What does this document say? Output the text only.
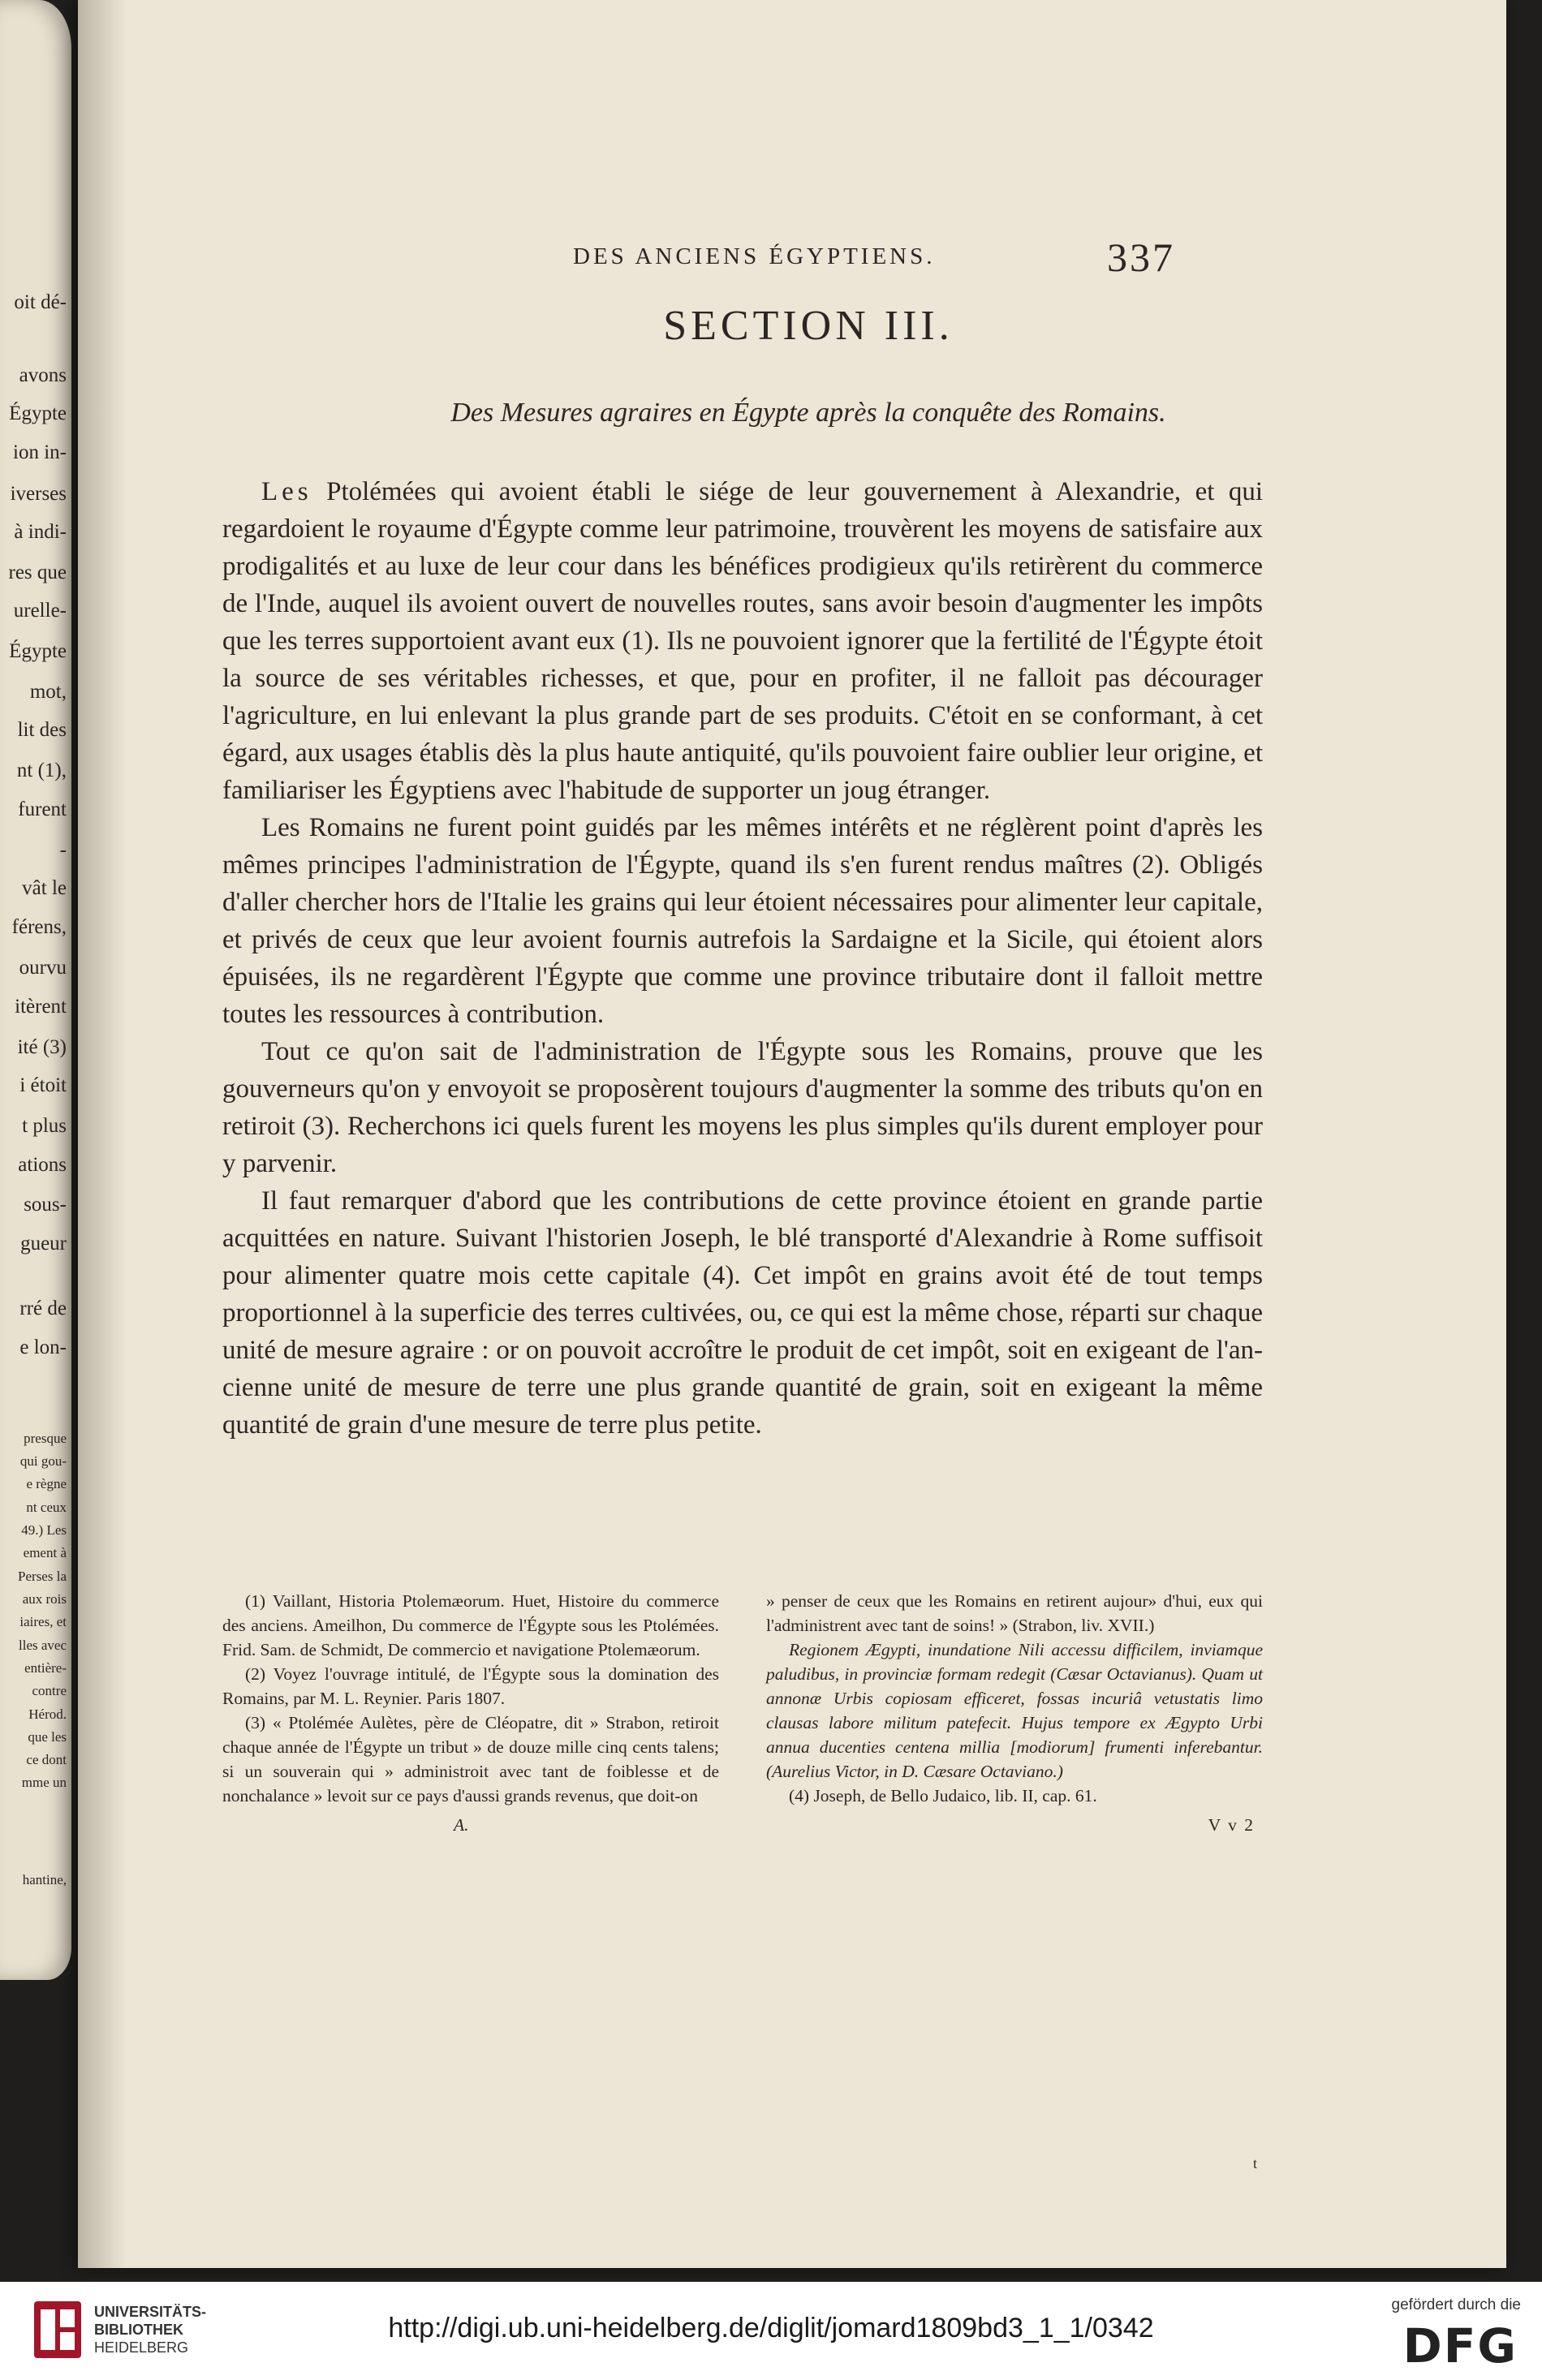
oit dé-
avons
Égypte
ion in-
iverses
à indi-
res que
urelle-
Égypte
mot,
lit des
nt (1),
furent
-
vât le
férens,
ourvu
itèrent
ité (3)
i étoit
t plus
ations
sous-
gueur
rré de
e lon-
presque
qui gou-
e règne
nt ceux
49.) Les
ement à
Perses la
aux rois
iaires, et
lles avec
entière-
contre
Hérod.
que les
ce dont
mme un
hantine,
DES ANCIENS ÉGYPTIENS.	337
SECTION III.
Des Mesures agraires en Égypte après la conquête des Romains.

Les Ptolémées qui avoient établi le siége de leur gouvernement à Alexandrie, et qui regardoient le royaume d'Égypte comme leur patrimoine, trouvèrent les moyens de satisfaire aux prodigalités et au luxe de leur cour dans les bénéfices prodigieux qu'ils retirèrent du commerce de l'Inde, auquel ils avoient ouvert de nouvelles routes, sans avoir besoin d'augmenter les impôts que les terres supportoient avant eux (1). Ils ne pouvoient ignorer que la fertilité de l'Égypte étoit la source de ses véritables richesses, et que, pour en profiter, il ne falloit pas décourager l'agriculture, en lui enlevant la plus grande part de ses produits. C'étoit en se conformant, à cet égard, aux usages établis dès la plus haute antiquité, qu'ils pouvoient faire oublier leur origine, et familiariser les Égyptiens avec l'habitude de supporter un joug étranger.

Les Romains ne furent point guidés par les mêmes intérêts et ne réglèrent point d'après les mêmes principes l'administration de l'Égypte, quand ils s'en furent rendus maîtres (2). Obligés d'aller chercher hors de l'Italie les grains qui leur étoient nécessaires pour alimenter leur capitale, et privés de ceux que leur avoient fournis autrefois la Sardaigne et la Sicile, qui étoient alors épuisées, ils ne regardèrent l'Égypte que comme une province tributaire dont il falloit mettre toutes les ressources à contribution.

Tout ce qu'on sait de l'administration de l'Égypte sous les Romains, prouve que les gouverneurs qu'on y envoyoit se proposèrent toujours d'augmenter la somme des tributs qu'on en retiroit (3). Recherchons ici quels furent les moyens les plus simples qu'ils durent employer pour y parvenir.

Il faut remarquer d'abord que les contributions de cette province étoient en grande partie acquittées en nature. Suivant l'historien Joseph, le blé transporté d'Alexandrie à Rome suffisoit pour alimenter quatre mois cette capitale (4). Cet impôt en grains avoit été de tout temps proportionnel à la superficie des terres cultivées, ou, ce qui est la même chose, réparti sur chaque unité de mesure agraire : or on pouvoit accroître le produit de cet impôt, soit en exigeant de l'ancienne unité de mesure de terre une plus grande quantité de grain, soit en exigeant la même quantité de grain d'une mesure de terre plus petite.

(1) Vaillant, Historia Ptolemæorum. Huet, Histoire du commerce des anciens. Ameilhon, Du commerce de l'Égypte sous les Ptolémées. Frid. Sam. de Schmidt, De commercio et navigatione Ptolemæorum.

(2) Voyez l'ouvrage intitulé, de l'Égypte sous la domination des Romains, par M. L. Reynier. Paris 1807.

(3) « Ptolémée Aulètes, père de Cléopatre, dit » Strabon, retiroit chaque année de l'Égypte un tribut » de douze mille cinq cents talens; si un souverain qui » administroit avec tant de foiblesse et de nonchalance » levoit sur ce pays d'aussi grands revenus, que doit-on

A.

» penser de ceux que les Romains en retirent aujour» d'hui, eux qui l'administrent avec tant de soins! » (Strabon, liv. XVII.)

Regionem Ægypti, inundatione Nili accessu difficilem, inviamque paludibus, in provinciæ formam redegit (Cæsar Octavianus). Quam ut annonæ Urbis copiosam efficeret, fossas incuriâ vetustatis limo clausas labore militum patefecit. Hujus tempore ex Ægypto Urbi annua ducenties centena millia [modiorum] frumenti inferebantur. (Aurelius Victor, in D. Cæsare Octaviano.)

(4) Joseph, de Bello Judaico, lib. II, cap. 61.

V v 2

t
UNIVERSITÄTS-
BIBLIOTHEK
HEIDELBERG
http://digi.ub.uni-heidelberg.de/diglit/jomard1809bd3_1_1/0342
gefördert durch die
DFG
